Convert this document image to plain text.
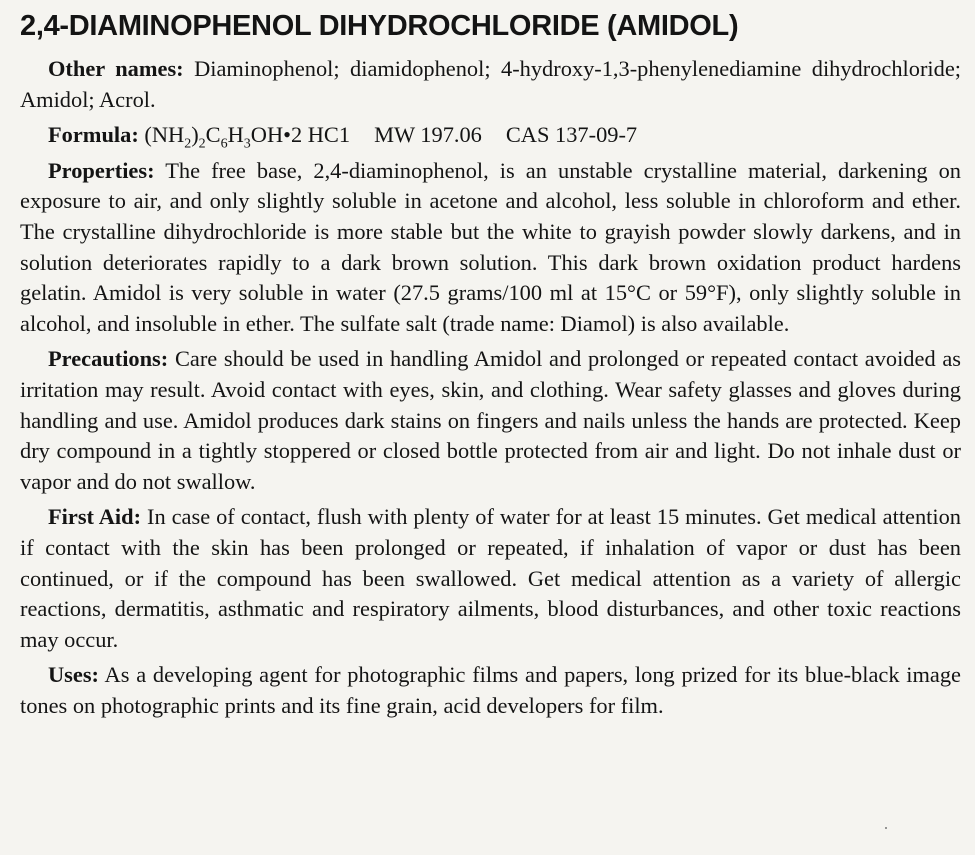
2,4-DIAMINOPHENOL DIHYDROCHLORIDE (AMIDOL)

Other names: Diaminophenol; diamidophenol; 4-hydroxy-1,3-phenylenediamine dihydrochloride; Amidol; Acrol.

Formula: $(NH_2)_2C_6H_3OH•2$ HC1 MW 197.06 CAS 137-09-7

Properties: The free base, 2,4-diaminophenol, is an unstable crystalline material, darkening on exposure to air, and only slightly soluble in acetone and alcohol, less soluble in chloroform and ether. The crystalline dihydrochloride is more stable but the white to grayish powder slowly darkens, and in solution deteriorates rapidly to a dark brown solution. This dark brown oxidation product hardens gelatin. Amidol is very soluble in water (27.5 grams/100 ml at 15°C or 59°F), only slightly soluble in alcohol, and insoluble in ether. The sulfate salt (trade name: Diamol) is also available.

Precautions: Care should be used in handling Amidol and prolonged or repeated contact avoided as irritation may result. Avoid contact with eyes, skin, and clothing. Wear safety glasses and gloves during handling and use. Amidol produces dark stains on fingers and nails unless the hands are protected. Keep dry compound in a tightly stoppered or closed bottle protected from air and light. Do not inhale dust or vapor and do not swallow.

First Aid: In case of contact, flush with plenty of water for at least 15 minutes. Get medical attention if contact with the skin has been prolonged or repeated, if inhalation of vapor or dust has been continued, or if the compound has been swallowed. Get medical attention as a variety of allergic reactions, dermatitis, asthmatic and respiratory ailments, blood disturbances, and other toxic reactions may occur.

Uses: As a developing agent for photographic films and papers, long prized for its blue-black image tones on photographic prints and its fine grain, acid developers for film.
